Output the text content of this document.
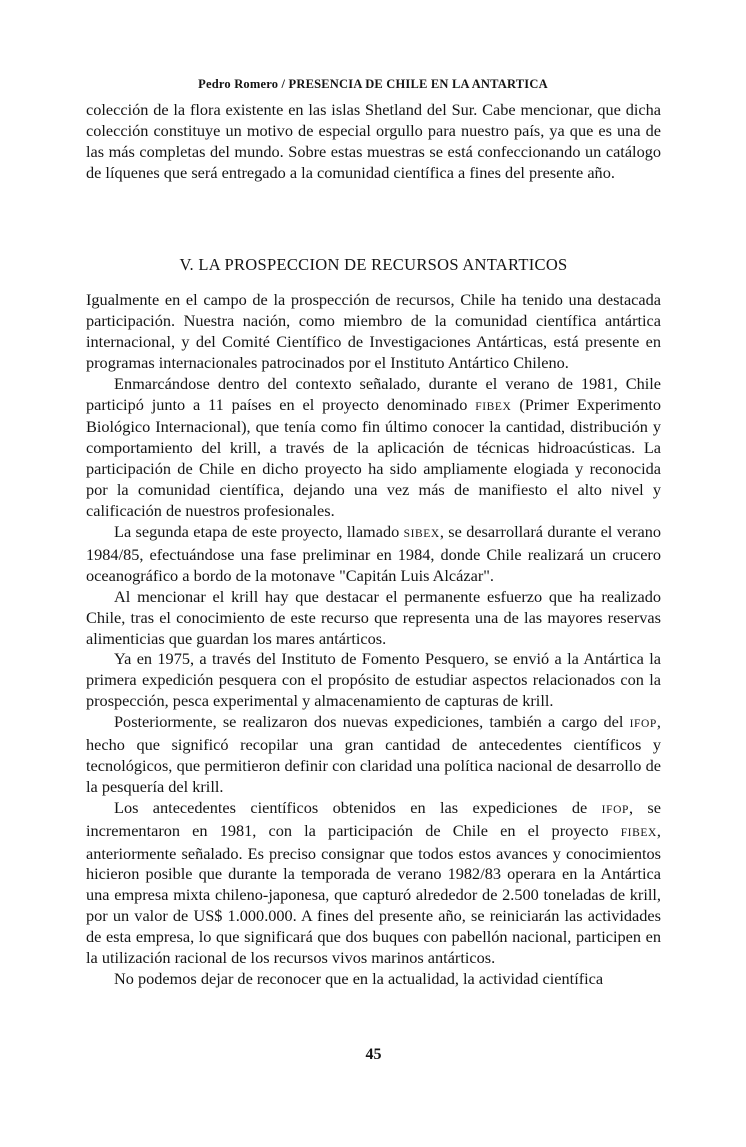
Pedro Romero / PRESENCIA DE CHILE EN LA ANTARTICA

colección de la flora existente en las islas Shetland del Sur. Cabe mencionar, que dicha colección constituye un motivo de especial orgullo para nuestro país, ya que es una de las más completas del mundo. Sobre estas muestras se está confeccionando un catálogo de líquenes que será entregado a la comunidad científica a fines del presente año.

V. LA PROSPECCION DE RECURSOS ANTARTICOS

Igualmente en el campo de la prospección de recursos, Chile ha tenido una destacada participación. Nuestra nación, como miembro de la comunidad científica antártica internacional, y del Comité Científico de Investigaciones Antárticas, está presente en programas internacionales patrocinados por el Instituto Antártico Chileno.

Enmarcándose dentro del contexto señalado, durante el verano de 1981, Chile participó junto a 11 países en el proyecto denominado FIBEX (Primer Experimento Biológico Internacional), que tenía como fin último conocer la cantidad, distribución y comportamiento del krill, a través de la aplicación de técnicas hidroacústicas. La participación de Chile en dicho proyecto ha sido ampliamente elogiada y reconocida por la comunidad científica, dejando una vez más de manifiesto el alto nivel y calificación de nuestros profesionales.

La segunda etapa de este proyecto, llamado SIBEX, se desarrollará durante el verano 1984/85, efectuándose una fase preliminar en 1984, donde Chile realizará un crucero oceanográfico a bordo de la motonave "Capitán Luis Alcázar".

Al mencionar el krill hay que destacar el permanente esfuerzo que ha realizado Chile, tras el conocimiento de este recurso que representa una de las mayores reservas alimenticias que guardan los mares antárticos.

Ya en 1975, a través del Instituto de Fomento Pesquero, se envió a la Antártica la primera expedición pesquera con el propósito de estudiar aspectos relacionados con la prospección, pesca experimental y almacenamiento de capturas de krill.

Posteriormente, se realizaron dos nuevas expediciones, también a cargo del IFOP, hecho que significó recopilar una gran cantidad de antecedentes científicos y tecnológicos, que permitieron definir con claridad una política nacional de desarrollo de la pesquería del krill.

Los antecedentes científicos obtenidos en las expediciones de IFOP, se incrementaron en 1981, con la participación de Chile en el proyecto FIBEX, anteriormente señalado. Es preciso consignar que todos estos avances y conocimientos hicieron posible que durante la temporada de verano 1982/83 operara en la Antártica una empresa mixta chileno-japonesa, que capturó alrededor de 2.500 toneladas de krill, por un valor de US$ 1.000.000. A fines del presente año, se reiniciarán las actividades de esta empresa, lo que significará que dos buques con pabellón nacional, participen en la utilización racional de los recursos vivos marinos antárticos.

No podemos dejar de reconocer que en la actualidad, la actividad científica

45
